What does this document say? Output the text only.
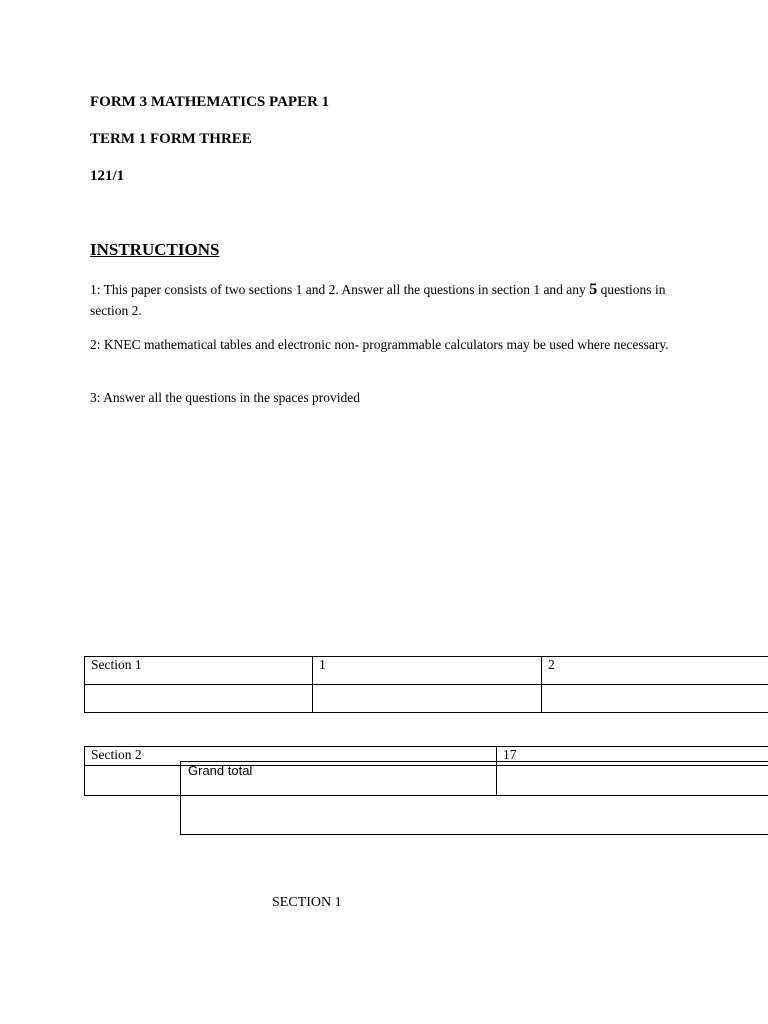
FORM 3 MATHEMATICS PAPER 1

TERM 1 FORM THREE

121/1

INSTRUCTIONS

1: This paper consists of two sections 1 and 2. Answer all the questions in section 1 and any 5 questions in section 2.

2: KNEC mathematical tables and electronic non- programmable calculators may be used where necessary.

3: Answer all the questions in the spaces provided

Section 1	1	2
Section 2	17
Grand total

SECTION 1
